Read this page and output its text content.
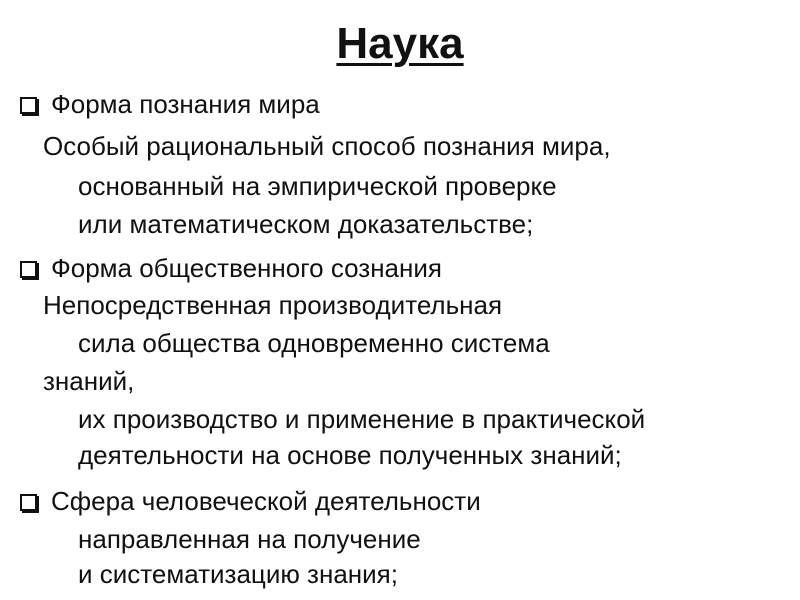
Наука
Форма познания мира
Особый рациональный способ познания мира,
основанный на эмпирической проверке
или математическом доказательстве;
Форма общественного сознания
Непосредственная производительная
сила общества одновременно система
знаний,
их производство и применение в практической
деятельности на основе полученных знаний;
Сфера человеческой деятельности
направленная на получение
и систематизацию знания;
